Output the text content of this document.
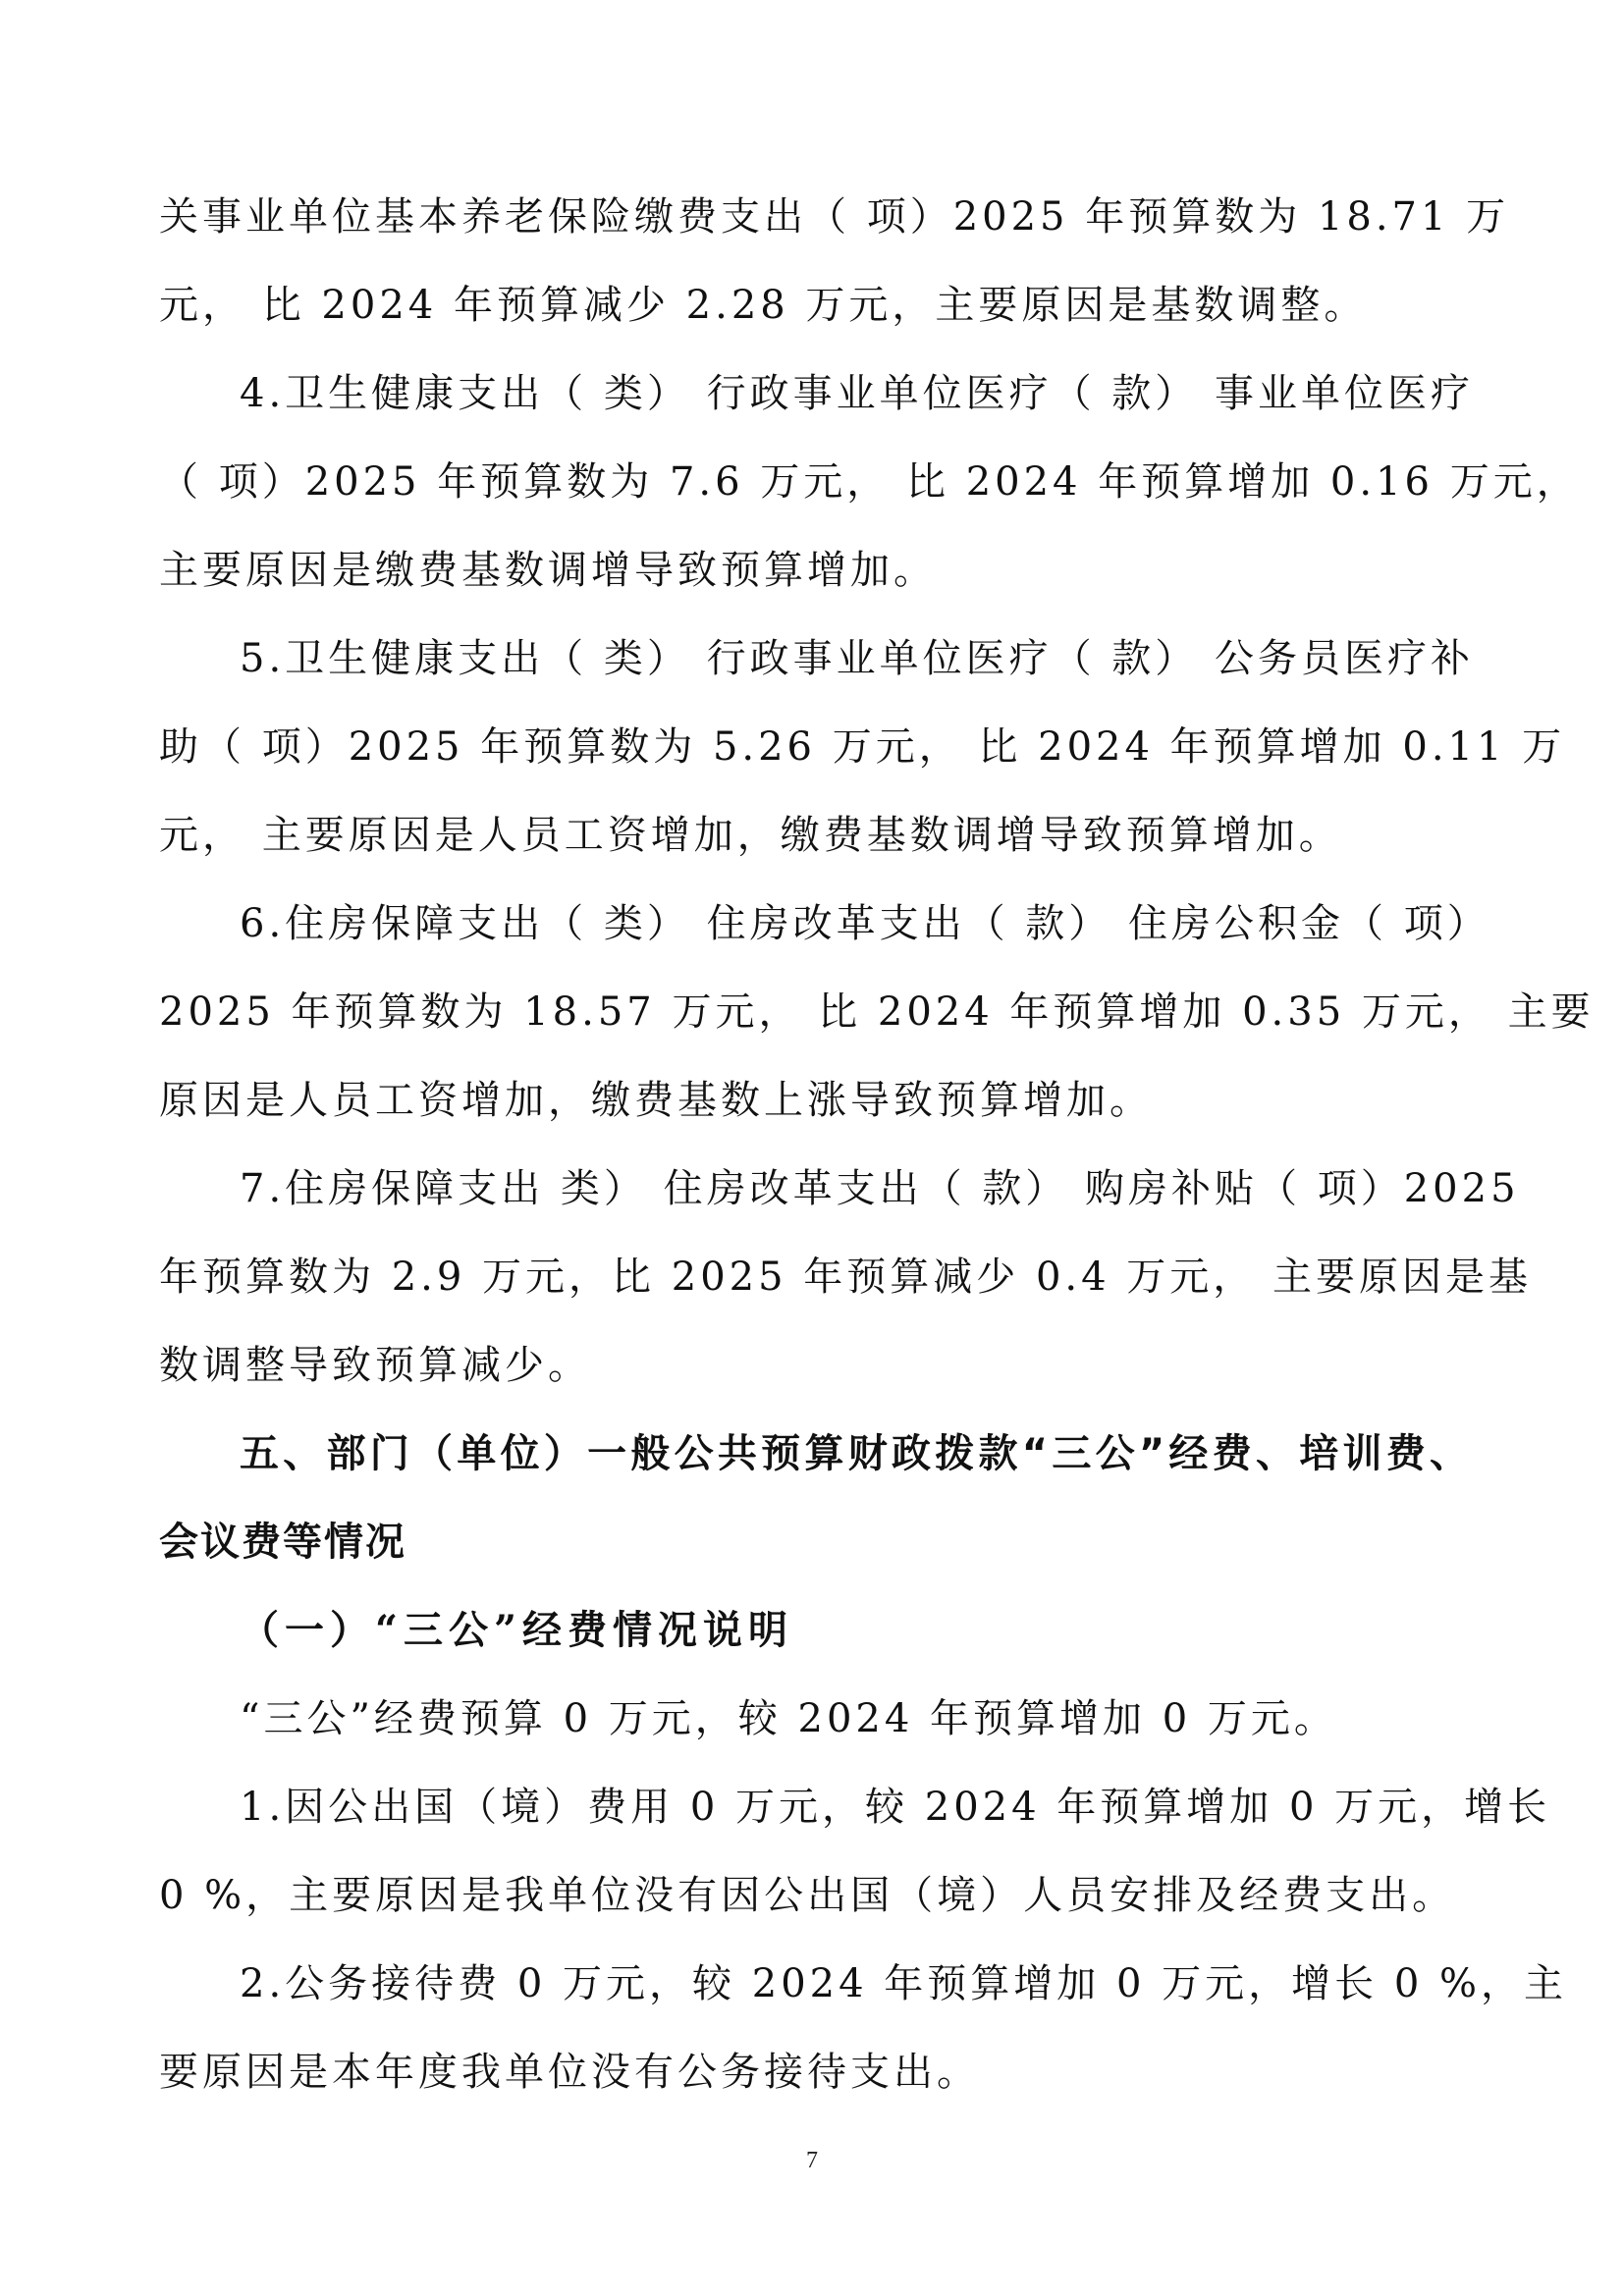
关事业单位基本养老保险缴费支出（ 项）2025 年预算数为 18.71 万
元， 比 2024 年预算减少 2.28 万元，主要原因是基数调整。
4.卫生健康支出（ 类） 行政事业单位医疗（ 款） 事业单位医疗
（ 项）2025 年预算数为 7.6 万元， 比 2024 年预算增加 0.16 万元，
主要原因是缴费基数调增导致预算增加。
5.卫生健康支出（ 类） 行政事业单位医疗（ 款） 公务员医疗补
助（ 项）2025 年预算数为 5.26 万元， 比 2024 年预算增加 0.11 万
元， 主要原因是人员工资增加，缴费基数调增导致预算增加。
6.住房保障支出（ 类） 住房改革支出（ 款） 住房公积金（ 项）
2025 年预算数为 18.57 万元， 比 2024 年预算增加 0.35 万元， 主要
原因是人员工资增加，缴费基数上涨导致预算增加。
7.住房保障支出 类） 住房改革支出（ 款） 购房补贴（ 项）2025
年预算数为 2.9 万元，比 2025 年预算减少 0.4 万元， 主要原因是基
数调整导致预算减少。
五、部门（单位）一般公共预算财政拨款“三公”经费、培训费、
会议费等情况
（一）“三公”经费情况说明
“三公”经费预算 0 万元，较 2024 年预算增加 0 万元。
1.因公出国（境）费用 0 万元，较 2024 年预算增加 0 万元，增长
0 %，主要原因是我单位没有因公出国（境）人员安排及经费支出。
2.公务接待费 0 万元，较 2024 年预算增加 0 万元，增长 0 %，主
要原因是本年度我单位没有公务接待支出。
7
